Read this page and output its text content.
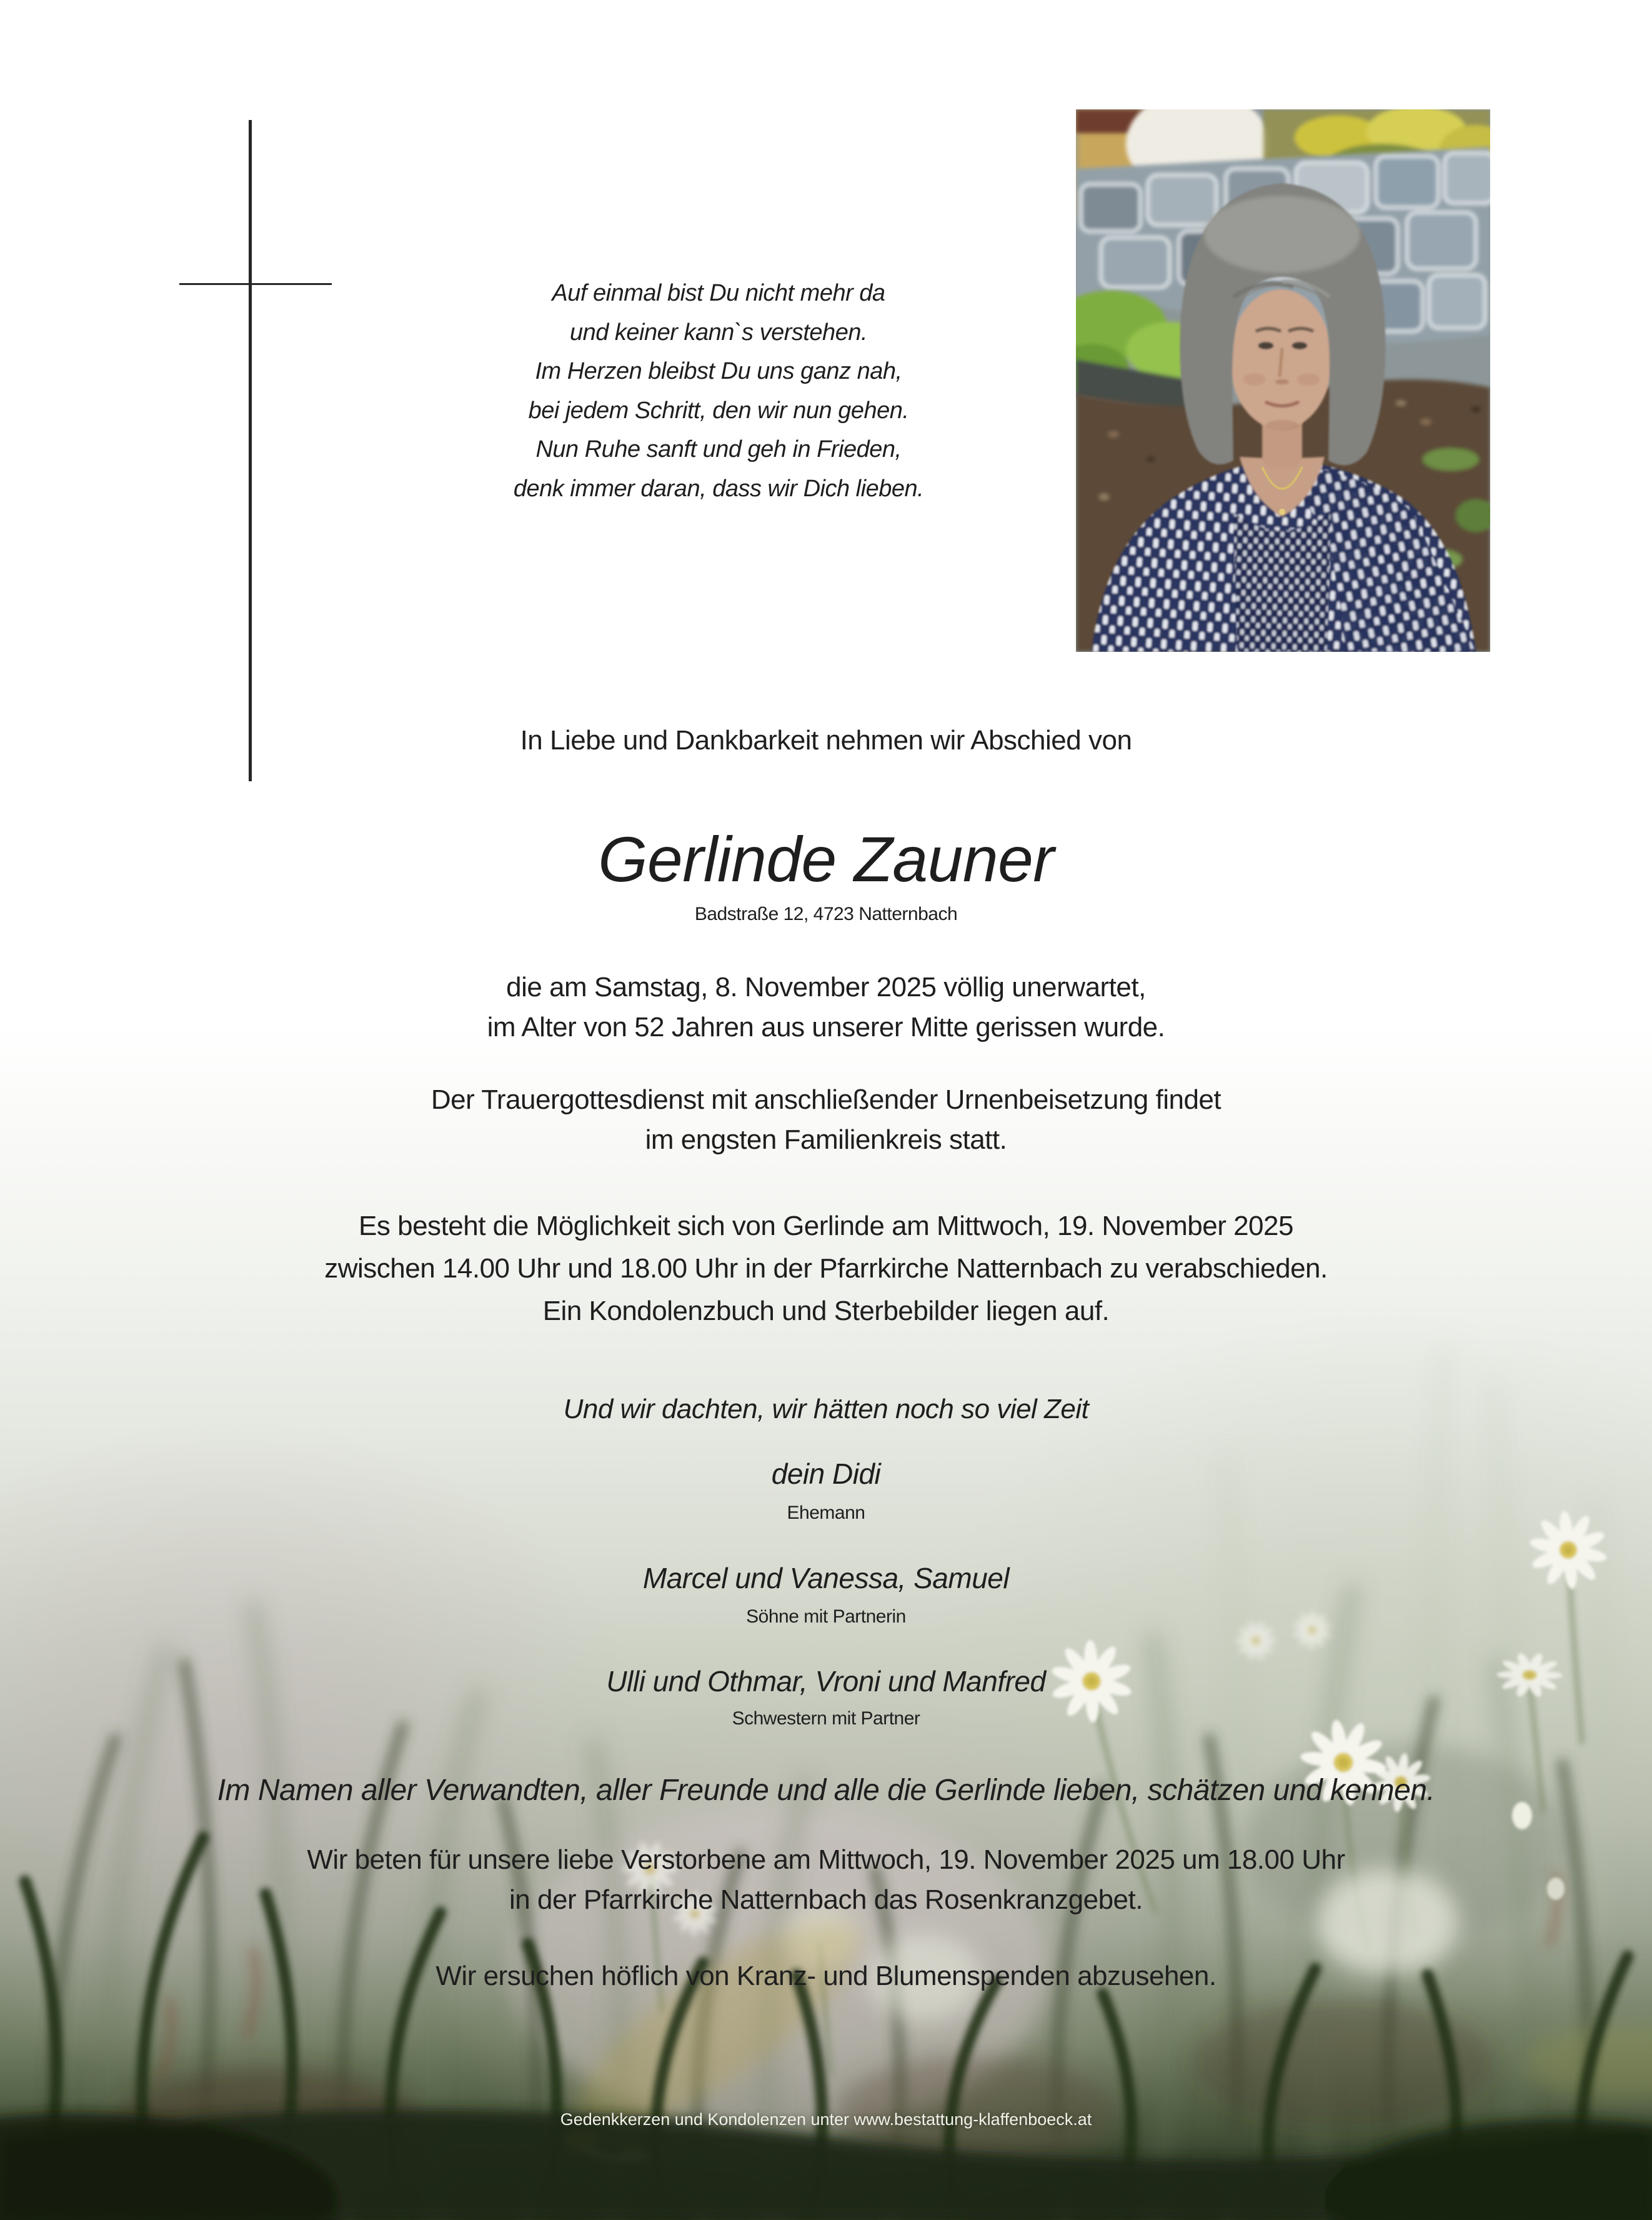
Auf einmal bist Du nicht mehr da
und keiner kann`s verstehen.
Im Herzen bleibst Du uns ganz nah,
bei jedem Schritt, den wir nun gehen.
Nun Ruhe sanft und geh in Frieden,
denk immer daran, dass wir Dich lieben.
In Liebe und Dankbarkeit nehmen wir Abschied von
Gerlinde Zauner
Badstraße 12, 4723 Natternbach
die am Samstag, 8. November 2025 völlig unerwartet,
im Alter von 52 Jahren aus unserer Mitte gerissen wurde.
Der Trauergottesdienst mit anschließender Urnenbeisetzung findet
im engsten Familienkreis statt.
Es besteht die Möglichkeit sich von Gerlinde am Mittwoch, 19. November 2025
zwischen 14.00 Uhr und 18.00 Uhr in der Pfarrkirche Natternbach zu verabschieden.
Ein Kondolenzbuch und Sterbebilder liegen auf.
Und wir dachten, wir hätten noch so viel Zeit
dein Didi
Ehemann
Marcel und Vanessa, Samuel
Söhne mit Partnerin
Ulli und Othmar, Vroni und Manfred
Schwestern mit Partner
Im Namen aller Verwandten, aller Freunde und alle die Gerlinde lieben, schätzen und kennen.
Wir beten für unsere liebe Verstorbene am Mittwoch, 19. November 2025 um 18.00 Uhr
in der Pfarrkirche Natternbach das Rosenkranzgebet.
Wir ersuchen höflich von Kranz- und Blumenspenden abzusehen.
Gedenkkerzen und Kondolenzen unter www.bestattung-klaffenboeck.at
